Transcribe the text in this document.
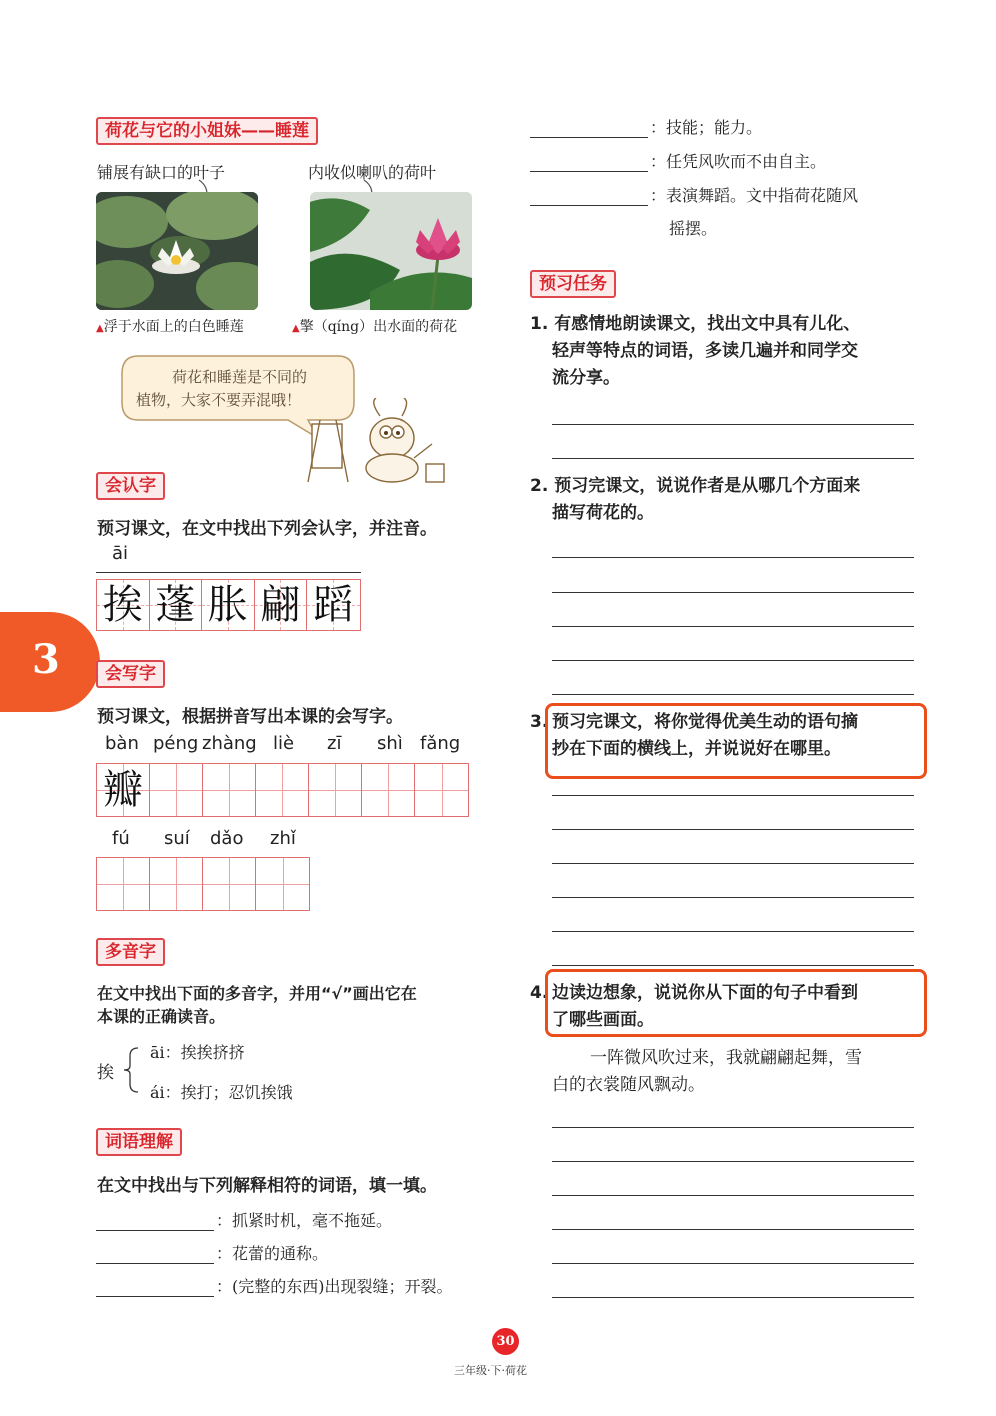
3
荷花与它的小姐妹——睡莲
铺展有缺口的叶子	内收似喇叭的荷叶
▲浮于水面上的白色睡莲	▲擎（qíng）出水面的荷花
荷花和睡莲是不同的
植物，大家不要弄混哦！
会认字
预习课文，在文中找出下列会认字，并注音。
āi
挨 蓬 胀 翩 蹈
会写字
预习课文，根据拼音写出本课的会写字。
bàn péng zhàng liè zī shì fǎng
瓣
fú suí dǎo zhǐ
多音字
在文中找出下面的多音字，并用“√”画出它在
本课的正确读音。
挨
āi：挨挨挤挤
ái：挨打；忍饥挨饿
词语理解
在文中找出与下列解释相符的词语，填一填。
：抓紧时机，毫不拖延。
：花蕾的通称。
：(完整的东西)出现裂缝；开裂。
：技能；能力。
：任凭风吹而不由自主。
：表演舞蹈。文中指荷花随风
摇摆。
预习任务
1. 有感情地朗读课文，找出文中具有儿化、
轻声等特点的词语，多读几遍并和同学交
流分享。
2. 预习完课文，说说作者是从哪几个方面来
描写荷花的。
3. 预习完课文，将你觉得优美生动的语句摘
抄在下面的横线上，并说说好在哪里。
4. 边读边想象，说说你从下面的句子中看到
了哪些画面。
一阵微风吹过来，我就翩翩起舞，雪
白的衣裳随风飘动。
30
三年级·下·荷花
